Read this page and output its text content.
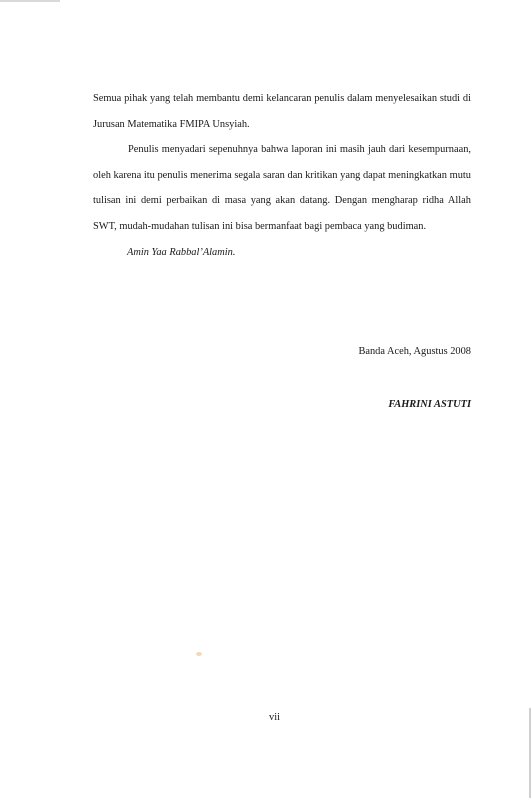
Semua pihak yang telah membantu demi kelancaran penulis dalam menyelesaikan studi di Jurusan Matematika FMIPA Unsyiah.

Penulis menyadari sepenuhnya bahwa laporan ini masih jauh dari kesempurnaan, oleh karena itu penulis menerima segala saran dan kritikan yang dapat meningkatkan mutu tulisan ini demi perbaikan di masa yang akan datang. Dengan mengharap ridha Allah SWT, mudah-mudahan tulisan ini bisa bermanfaat bagi pembaca yang budiman.

Amin Yaa Rabbal’Alamin.

Banda Aceh, Agustus 2008
FAHRINI ASTUTI
vii
